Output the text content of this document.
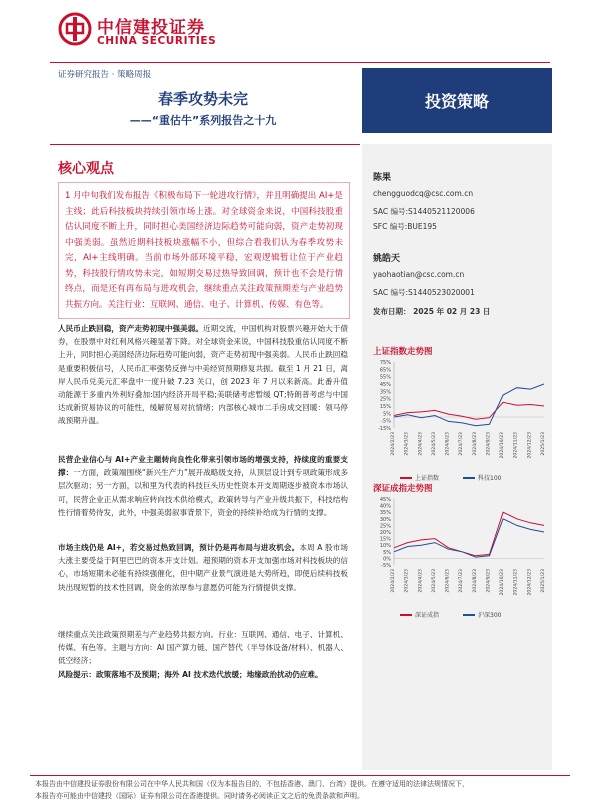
中信建投证券
CHINA SECURITIES
证券研究报告 · 策略周报
春季攻势未完
——“重估牛”系列报告之十九
投资策略
陈果
chengguodcq@csc.com.cn
SAC 编号:S1440521120006
SFC 编号:BUE195
姚皓天
yaohaotian@csc.com.cn
SAC 编号:S1440523020001
发布日期： 2025 年 02 月 23 日
上证指数走势图
75%
65%
55%
45%
35%
25%
15%
5%
-5%
-15%
2024/2/23 2024/3/23 2024/4/23 2024/5/23 2024/6/23 2024/7/23 2024/8/23 2024/9/23 2024/10/23 2024/11/23 2024/12/23 2025/1/23
上证指数	科技100
深证成指走势图
45%
40%
35%
30%
25%
20%
15%
10%
5%
0%
-5%
2024/2/23 2024/3/23 2024/4/23 2024/5/23 2024/6/23 2024/7/23 2024/8/23 2024/9/23 2024/10/23 2024/11/23 2024/12/23 2025/1/23
深证成指	沪深300
核心观点

1 月中旬我们发布报告《积极布局下一轮进攻行情》，并且明确提出 AI+是主线；此后科技板块持续引领市场上涨。对全球资金来说，中国科技股重估认同度不断上升，同时担心美国经济边际趋势可能向弱，资产走势初现中强美弱。虽然近期科技板块涨幅不小，但综合看我们认为春季攻势未完，AI+主线明确。当前市场外部环境平稳，宏观逻辑暂让位于产业趋势，科技股行情攻势未完，如短期交易过热导致回调，预计也不会是行情终点，而是还有再布局与进攻机会，继续重点关注政策预期差与产业趋势共振方向。关注行业：互联网、通信、电子、计算机、传媒、有色等。

人民币止跌回稳，资产走势初现中强美弱。近期交流，中国机构对股票兴趣开始大于债券，在股票中对红利风格兴趣显著下降。对全球资金来说，中国科技股重估认同度不断上升，同时担心美国经济边际趋势可能向弱，资产走势初现中强美弱。人民币止跌回稳是重要积极信号，人民币汇率强势反弹与中美经贸预期修复共振。截至 1 月 21 日，离岸人民币兑美元汇率盘中一度升破 7.23 关口，创 2023 年 7 月以来新高。此番升值动能源于多重内外利好叠加:国内经济开局平稳;美联储考虑暂缓 QT;特朗普考虑与中国达成新贸易协议的可能性，缓解贸易对抗情绪；内部核心城市二手房成交回暖：领马停战预期升温。

民营企业信心与 AI+产业主题转向良性化带来引领市场的增强支持，持续度的重要支撑：一方面，政策端围绕“新兴生产力”展开战略级支持，从顶层设计到专项政策形成多层次驱动；另一方面，以和里为代表的科技巨头历史性资本开支周期逐步被资本市场认可，民营企业正从需求响应转向技术供给模式，政策转导与产业升级共振下，科技结构性行情着势待发，此外，中强美弱叙事背景下，资金的持续补给成为行情的支撑。

市场主线仍是 AI+，若交易过热致回调，预计仍是再布局与进攻机会。本周 A 股市场大涨主要受益于阿里巴巴的资本开支计划。超预期的资本开支加强市场对科技板块的信心，市场短期未必能有持续强催化，但中期产业景气演进是大势所趋，即使后续科技板块出现短暂的技术性回调，资金的浓厚参与意愿仍可能为行情提供支撑。

继续重点关注政策预期差与产业趋势共振方向。行业：互联网、通信、电子、计算机、传媒、有色等。主题与方向：AI 国产算力链、国产替代（半导体设备/材料）、机器人、低空经济；

风险提示：政策落地不及预期；海外 AI 技术迭代放缓；地缘政治扰动仍应难。

本报告由中信建投证券股份有限公司在中华人民共和国（仅为本报告目的，不包括香港、澳门、台湾）提供。在遵守适用的法律法规情况下，
本报告亦可能由中信建投（国际）证券有限公司在香港提供。同时请务必阅读正文之后的免责条款和声明。
